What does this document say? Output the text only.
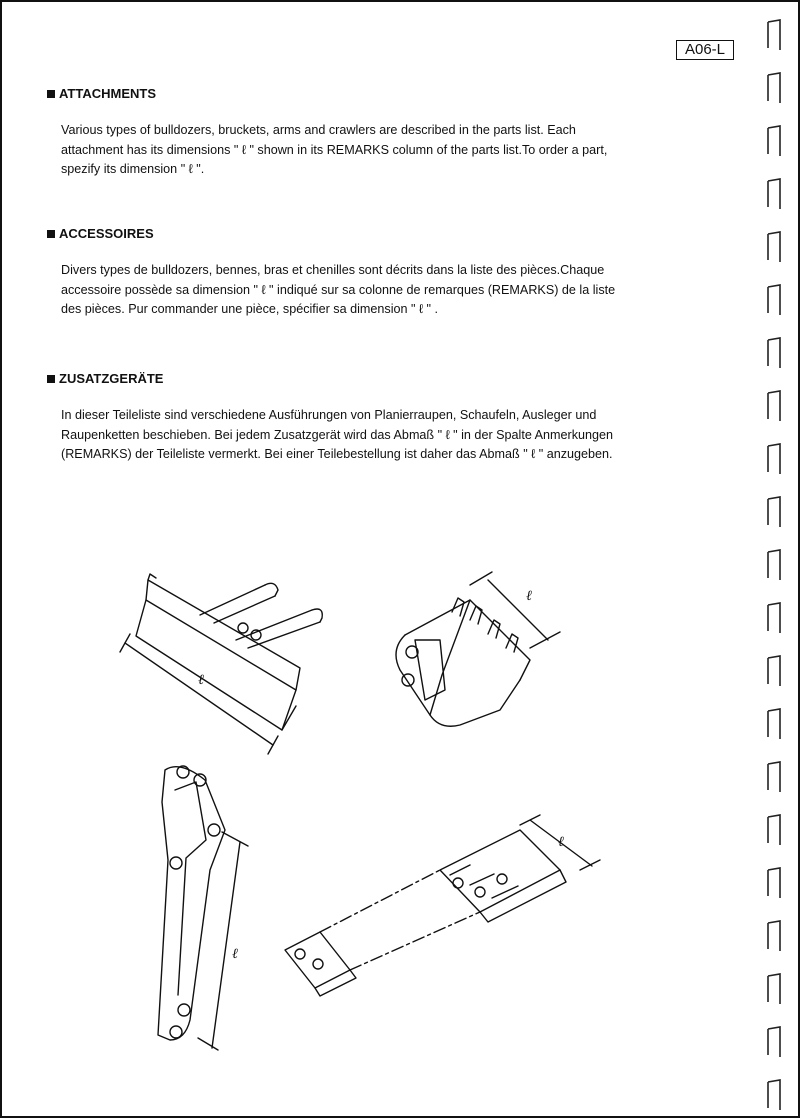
A06-L
ATTACHMENTS
Various types of bulldozers, bruckets, arms and crawlers are described in the parts list. Each
attachment has its dimensions " ℓ " shown in its REMARKS column of the parts list.To order a part,
spezify its dimension " ℓ ".
ACCESSOIRES
Divers types de bulldozers, bennes, bras et chenilles sont décrits dans la liste des pièces.Chaque
accessoire possède sa dimension " ℓ " indiqué sur sa colonne de remarques (REMARKS) de la liste
des pièces. Pur commander une pièce, spécifier sa dimension " ℓ " .
ZUSATZGERÄTE
In dieser Teileliste sind verschiedene Ausführungen von Planierraupen, Schaufeln, Ausleger und
Raupenketten beschieben. Bei jedem Zusatzgerät wird das Abmaß " ℓ " in der Spalte Anmerkungen
(REMARKS) der Teileliste vermerkt. Bei einer Teilebestellung ist daher das Abmaß " ℓ " anzugeben.
ℓ
ℓ
ℓ
ℓ
